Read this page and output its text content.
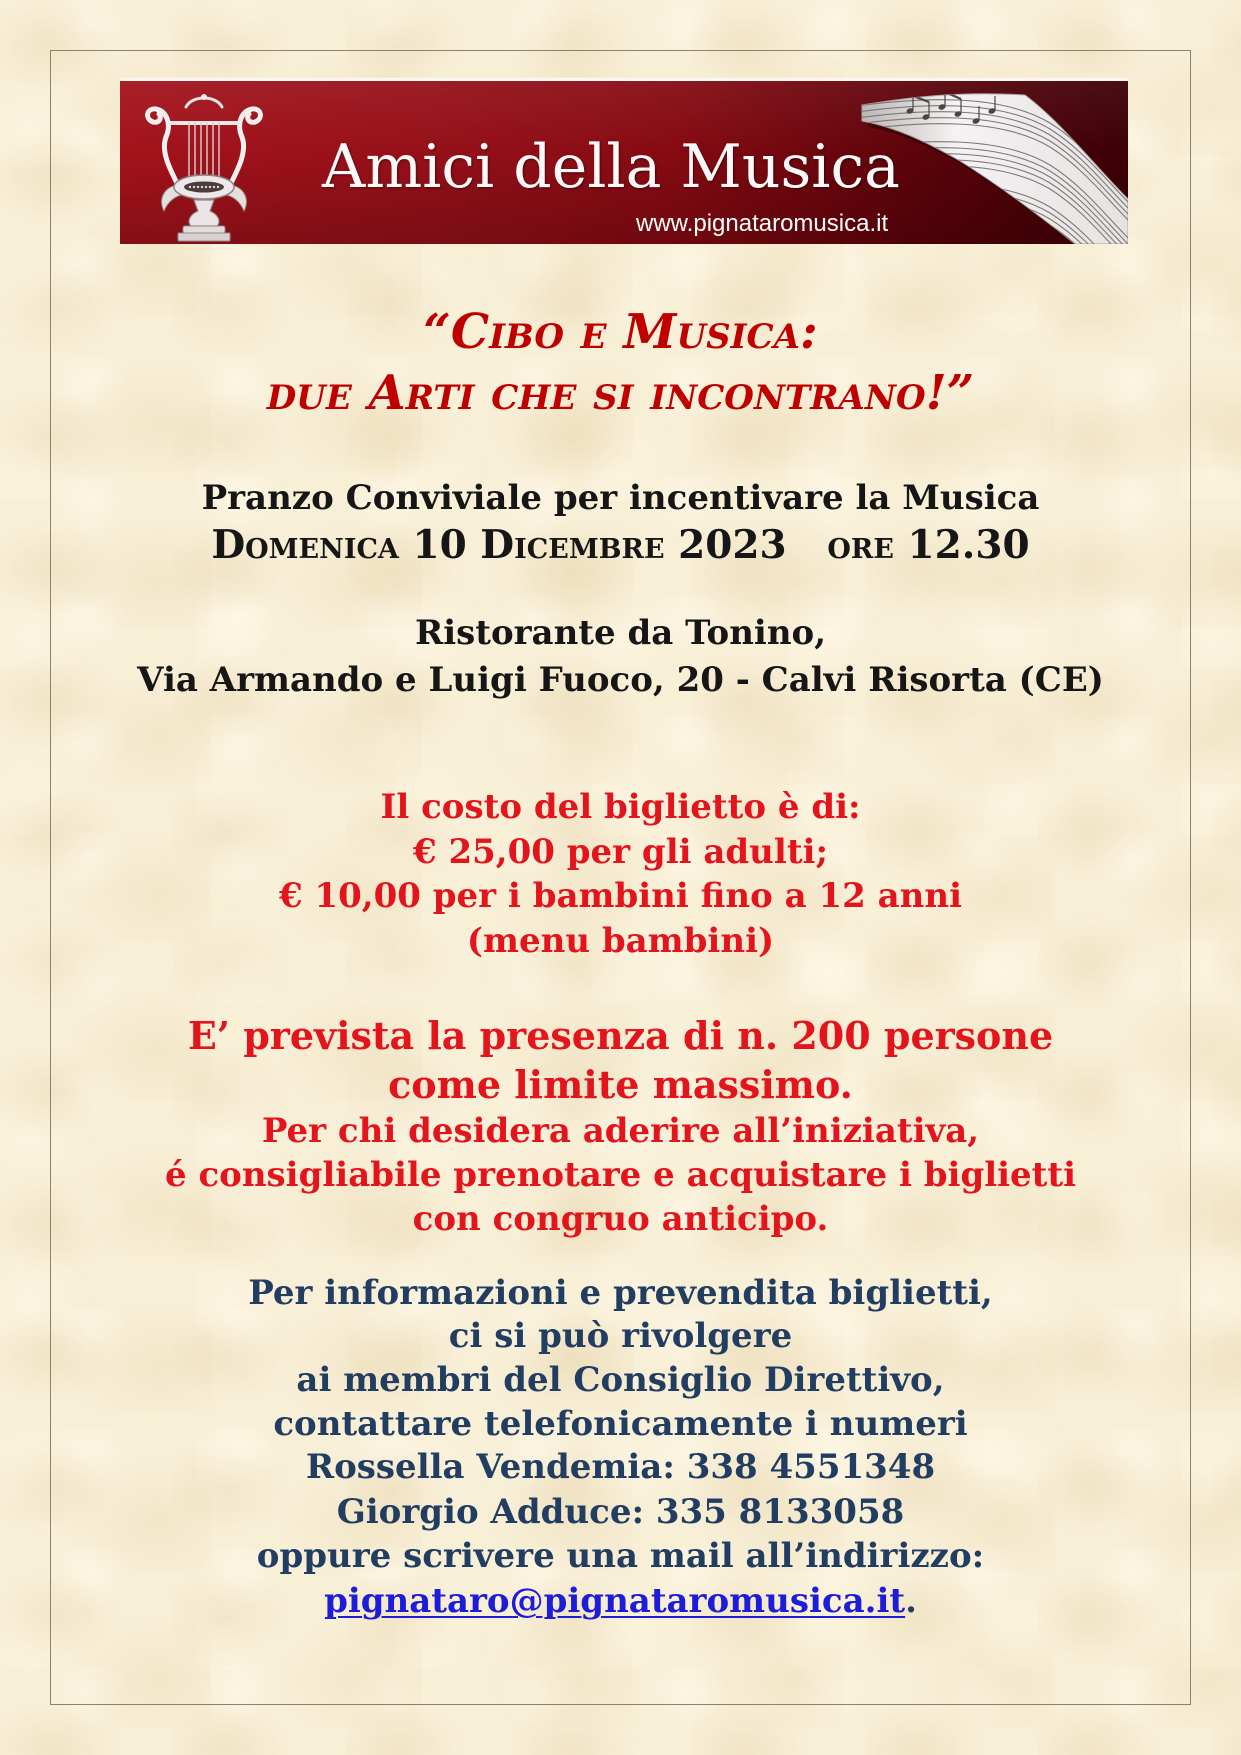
Amici della Musica
www.pignataromusica.it
“Cibo e Musica:
due Arti che si incontrano!”
Pranzo Conviviale per incentivare la Musica
Domenica 10 Dicembre 2023   ore 12.30
Ristorante da Tonino,
Via Armando e Luigi Fuoco, 20 - Calvi Risorta (CE)
Il costo del biglietto è di:
€ 25,00 per gli adulti;
€ 10,00 per i bambini fino a 12 anni
(menu bambini)
E’ prevista la presenza di n. 200 persone
come limite massimo.
Per chi desidera aderire all’iniziativa,
é consigliabile prenotare e acquistare i biglietti
con congruo anticipo.
Per informazioni e prevendita biglietti,
ci si può rivolgere
ai membri del Consiglio Direttivo,
contattare telefonicamente i numeri
Rossella Vendemia: 338 4551348
Giorgio Adduce: 335 8133058
oppure scrivere una mail all’indirizzo:
pignataro@pignataromusica.it.
